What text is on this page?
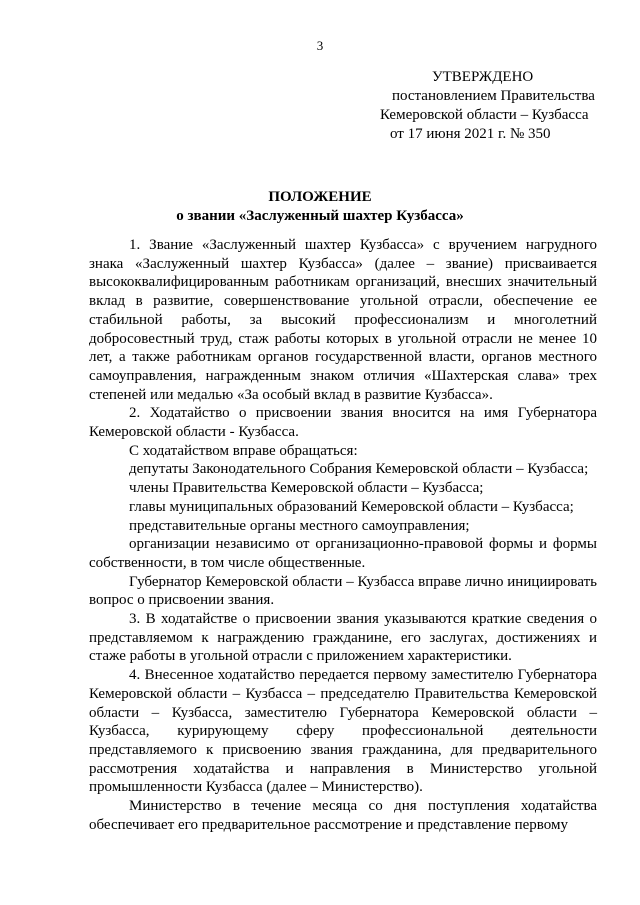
3
УТВЕРЖДЕНО
постановлением Правительства
Кемеровской области – Кузбасса
от 17 июня 2021 г. № 350
ПОЛОЖЕНИЕ
о звании «Заслуженный шахтер Кузбасса»

1. Звание «Заслуженный шахтер Кузбасса» с вручением нагрудного знака «Заслуженный шахтер Кузбасса» (далее – звание) присваивается высококвалифицированным работникам организаций, внесших значительный вклад в развитие, совершенствование угольной отрасли, обеспечение ее стабильной работы, за высокий профессионализм и многолетний добросовестный труд, стаж работы которых в угольной отрасли не менее 10 лет, а также работникам органов государственной власти, органов местного самоуправления, награжденным знаком отличия «Шахтерская слава» трех степеней или медалью «За особый вклад в развитие Кузбасса».

2. Ходатайство о присвоении звания вносится на имя Губернатора Кемеровской области - Кузбасса.

С ходатайством вправе обращаться:

депутаты Законодательного Собрания Кемеровской области – Кузбасса;

члены Правительства Кемеровской области – Кузбасса;

главы муниципальных образований Кемеровской области – Кузбасса;

представительные органы местного самоуправления;

организации независимо от организационно-правовой формы и формы собственности, в том числе общественные.

Губернатор Кемеровской области – Кузбасса вправе лично инициировать вопрос о присвоении звания.

3. В ходатайстве о присвоении звания указываются краткие сведения о представляемом к награждению гражданине, его заслугах, достижениях и стаже работы в угольной отрасли с приложением характеристики.

4. Внесенное ходатайство передается первому заместителю Губернатора Кемеровской области – Кузбасса – председателю Правительства Кемеровской области – Кузбасса, заместителю Губернатора Кемеровской области – Кузбасса, курирующему сферу профессиональной деятельности представляемого к присвоению звания гражданина, для предварительного рассмотрения ходатайства и направления в Министерство угольной промышленности Кузбасса (далее – Министерство).

Министерство в течение месяца со дня поступления ходатайства обеспечивает его предварительное рассмотрение и представление первому
